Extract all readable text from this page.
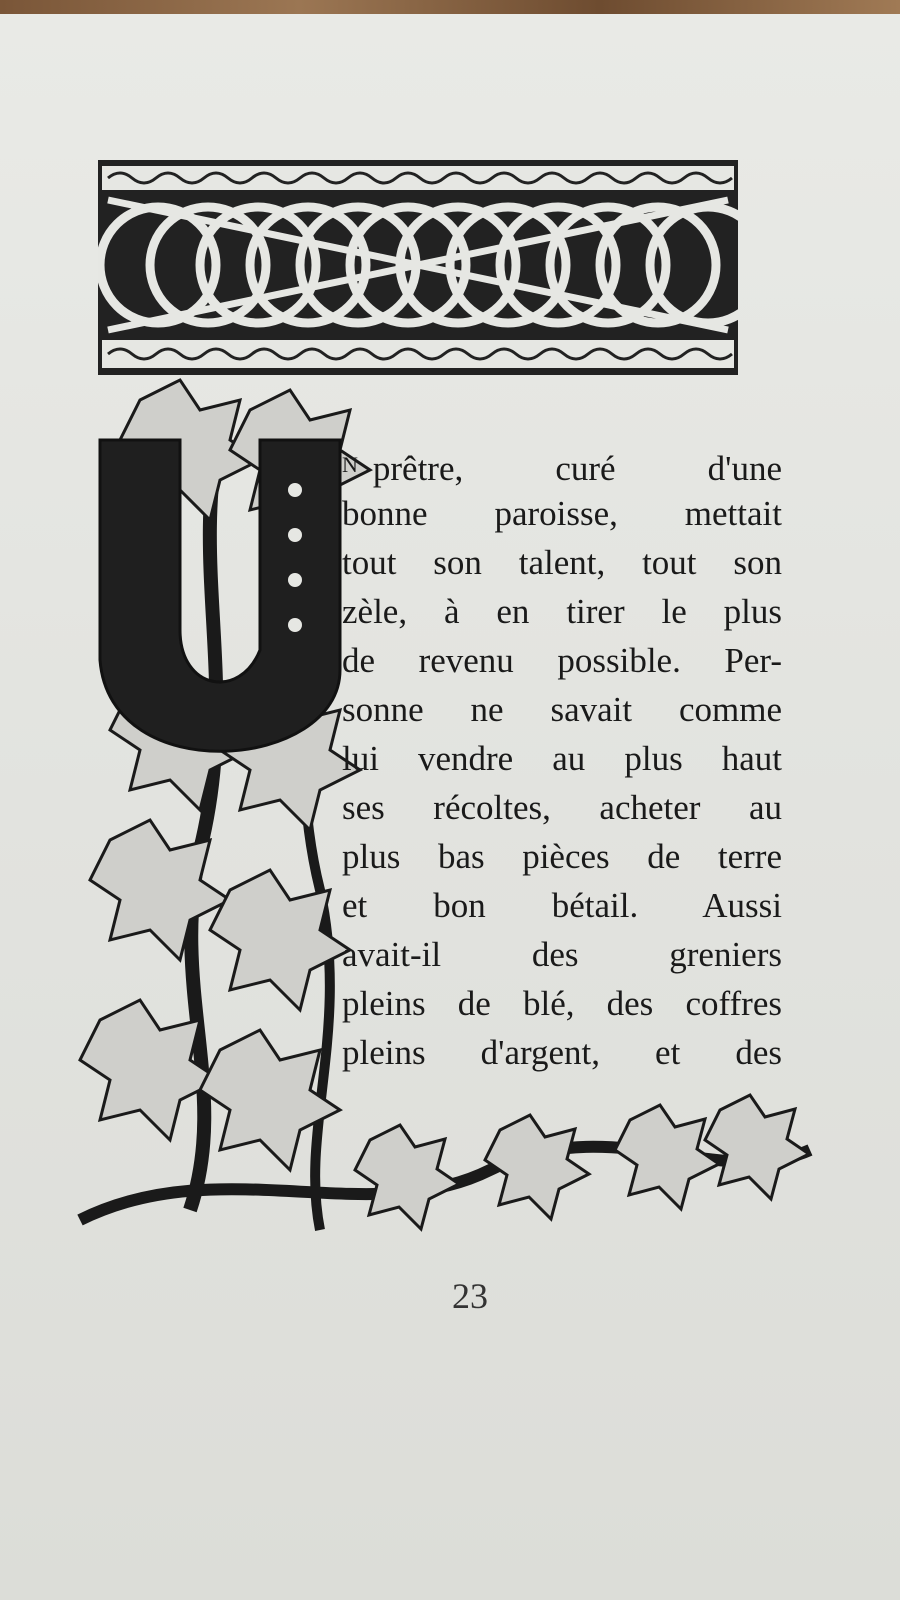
$^N$ prêtre, curé d'une
bonne paroisse, mettait
tout son talent, tout son
zèle, à en tirer le plus
de revenu possible. Per-
sonne ne savait comme
lui vendre au plus haut
ses récoltes, acheter au
plus bas pièces de terre
et bon bétail. Aussi
avait-il des greniers
pleins de blé, des coffres
pleins d'argent, et des
23
